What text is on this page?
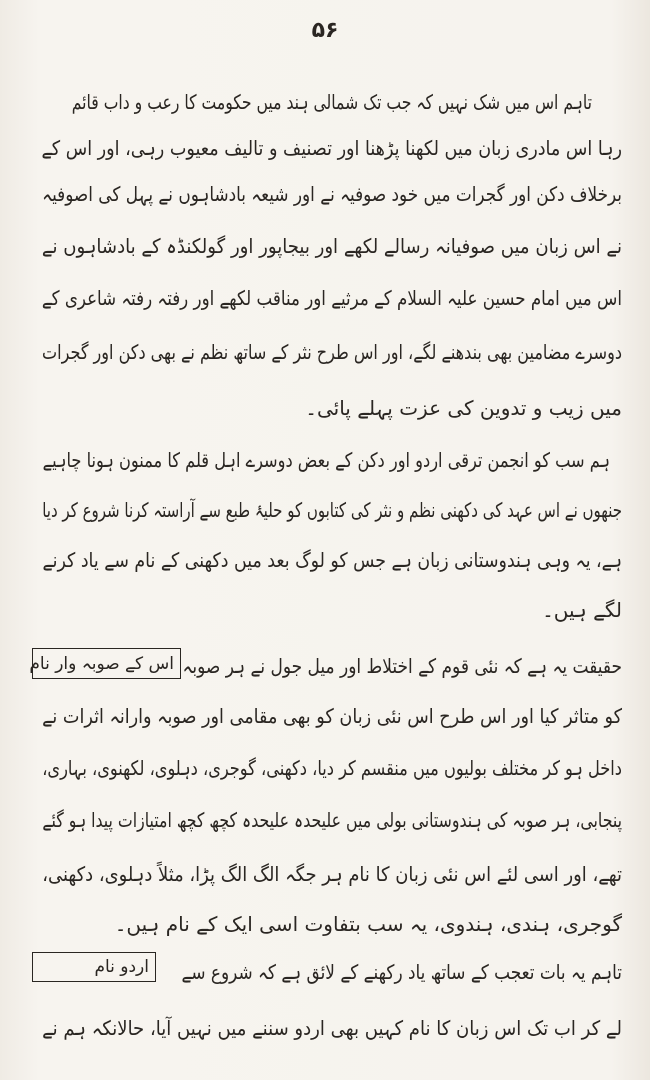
۵۶
تاہم اس میں شک نہیں کہ جب تک شمالی ہند میں حکومت کا رعب و داب قائم
رہا اس مادری زبان میں لکھنا پڑھنا اور تصنیف و تالیف معیوب رہی، اور اس کے
برخلاف دکن اور گجرات میں خود صوفیہ نے اور شیعہ بادشاہوں نے پہل کی اصوفیہ
نے اس زبان میں صوفیانہ رسالے لکھے اور بیجاپور اور گولکنڈہ کے بادشاہوں نے
اس میں امام حسین علیہ السلام کے مرثیے اور مناقب لکھے اور رفتہ رفتہ شاعری کے
دوسرے مضامین بھی بندھنے لگے، اور اس طرح نثر کے ساتھ نظم نے بھی دکن اور گجرات
میں زیب و تدوین کی عزت پہلے پائی۔
ہم سب کو انجمن ترقی اردو اور دکن کے بعض دوسرے اہل قلم کا ممنون ہونا چاہیے
جنھوں نے اس عہد کی دکھنی نظم و نثر کی کتابوں کو حلیۂ طبع سے آراستہ کرنا شروع کر دیا
ہے، یہ وہی ہندوستانی زبان ہے جس کو لوگ بعد میں دکھنی کے نام سے یاد کرنے
لگے ہیں۔
اس کے صوبہ وار نام حقیقت یہ ہے کہ نئی قوم کے اختلاط اور میل جول نے ہر صوبہ
کو متاثر کیا اور اس طرح اس نئی زبان کو بھی مقامی اور صوبہ وارانہ اثرات نے
داخل ہو کر مختلف بولیوں میں منقسم کر دیا، دکھنی، گوجری، دہلوی، لکھنوی، بہاری،
پنجابی، ہر صوبہ کی ہندوستانی بولی میں علیحدہ علیحدہ کچھ کچھ امتیازات پیدا ہو گئے
تھے، اور اسی لئے اس نئی زبان کا نام ہر جگہ الگ الگ پڑا، مثلاً دہلوی، دکھنی،
گوجری، ہندی، ہندوی، یہ سب بتفاوت اسی ایک کے نام ہیں۔
اردو نام	تاہم یہ بات تعجب کے ساتھ یاد رکھنے کے لائق ہے کہ شروع سے
لے کر اب تک اس زبان کا نام کہیں بھی اردو سننے میں نہیں آیا، حالانکہ ہم نے
